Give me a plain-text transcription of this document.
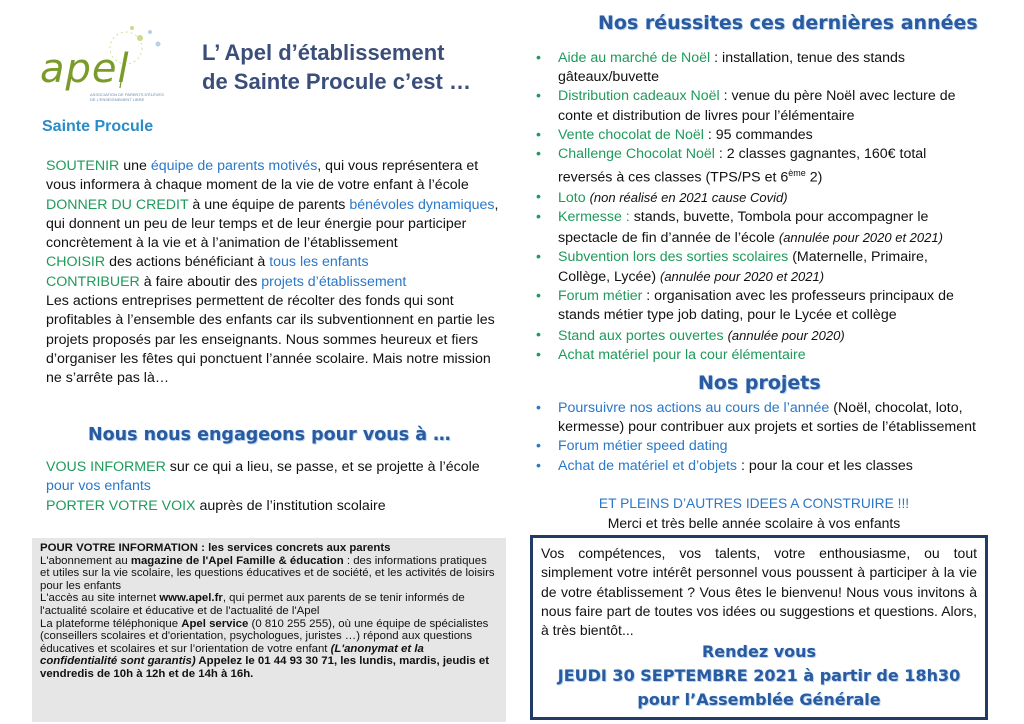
apel
ASSOCIATION DE PARENTS D'ÉLÈVES DE L'ENSEIGNEMENT LIBRE
Sainte Procule
L’ Apel d’établissement
de Sainte Procule c’est …
SOUTENIR une équipe de parents motivés, qui vous représentera et vous informera à chaque moment de la vie de votre enfant à l’école
DONNER DU CREDIT à une équipe de parents bénévoles dynamiques, qui donnent un peu de leur temps et de leur énergie pour participer concrètement à la vie et à l’animation de l’établissement
CHOISIR des actions bénéficiant à tous les enfants
CONTRIBUER à faire aboutir des projets d’établissement
Les actions entreprises permettent de récolter des fonds qui sont profitables à l’ensemble des enfants car ils subventionnent en partie les projets proposés par les enseignants. Nous sommes heureux et fiers d’organiser les fêtes qui ponctuent l’année scolaire. Mais notre mission ne s’arrête pas là…
Nous nous engageons pour vous à …
VOUS INFORMER sur ce qui a lieu, se passe, et se projette à l’école pour vos enfants
PORTER VOTRE VOIX auprès de l’institution scolaire
POUR VOTRE INFORMATION : les services concrets aux parents
L'abonnement au magazine de l'Apel Famille & éducation : des informations pratiques et utiles sur la vie scolaire, les questions éducatives et de société, et les activités de loisirs pour les enfants
L'accès au site internet www.apel.fr, qui permet aux parents de se tenir informés de l'actualité scolaire et éducative et de l'actualité de l'Apel
La plateforme téléphonique Apel service (0 810 255 255), où une équipe de spécialistes (conseillers scolaires et d'orientation, psychologues, juristes …) répond aux questions éducatives et scolaires et sur l’orientation de votre enfant (L'anonymat et la confidentialité sont garantis) Appelez le 01 44 93 30 71, les lundis, mardis, jeudis et vendredis de 10h à 12h et de 14h à 16h.
Nos réussites ces dernières années
• Aide au marché de Noël : installation, tenue des stands gâteaux/buvette
• Distribution cadeaux Noël : venue du père Noël avec lecture de conte et distribution de livres pour l’élémentaire
• Vente chocolat de Noël : 95 commandes
• Challenge Chocolat Noël : 2 classes gagnantes, 160€ total reversés à ces classes (TPS/PS et 6ème 2)
• Loto (non réalisé en 2021 cause Covid)
• Kermesse : stands, buvette, Tombola pour accompagner le spectacle de fin d’année de l’école (annulée pour 2020 et 2021)
• Subvention lors des sorties scolaires (Maternelle, Primaire, Collège, Lycée) (annulée pour 2020 et 2021)
• Forum métier : organisation avec les professeurs principaux de stands métier type job dating, pour le Lycée et collège
• Stand aux portes ouvertes (annulée pour 2020)
• Achat matériel pour la cour élémentaire
Nos projets
• Poursuivre nos actions au cours de l’année (Noël, chocolat, loto, kermesse) pour contribuer aux projets et sorties de l’établissement
• Forum métier speed dating
• Achat de matériel et d’objets : pour la cour et les classes
ET PLEINS D’AUTRES IDEES A CONSTRUIRE !!!
Merci et très belle année scolaire à vos enfants
Vos compétences, vos talents, votre enthousiasme, ou tout simplement votre intérêt personnel vous poussent à participer à la vie de votre établissement ? Vous êtes le bienvenu! Nous vous invitons à nous faire part de toutes vos idées ou suggestions et questions. Alors, à très bientôt...
Rendez vous
JEUDI 30 SEPTEMBRE 2021 à partir de 18h30
pour l’Assemblée Générale
